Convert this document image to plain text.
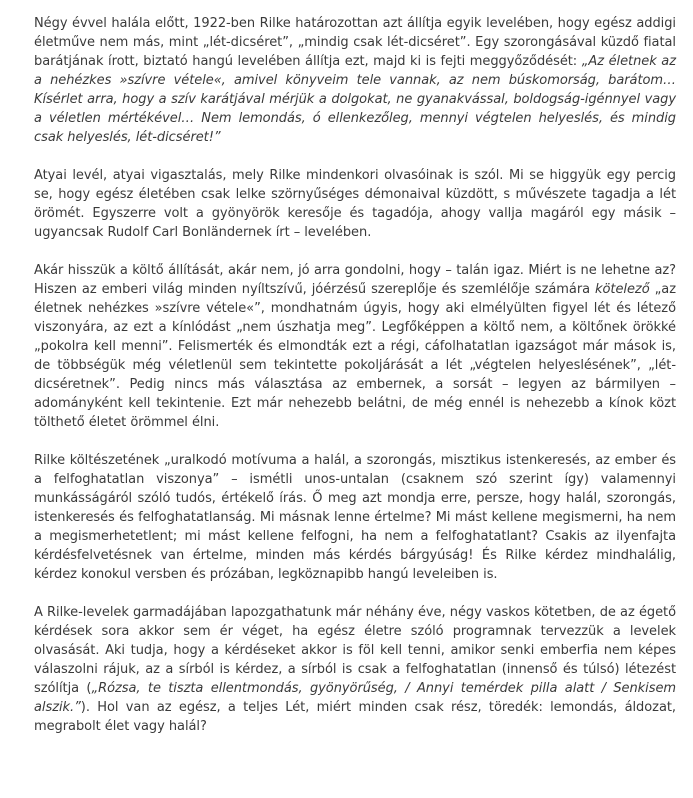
Négy évvel halála előtt, 1922-ben Rilke határozottan azt állítja egyik levelében, hogy egész addigi életműve nem más, mint „lét-dicséret”, „mindig csak lét-dicséret”. Egy szorongásával küzdő fiatal barátjának írott, biztató hangú levelében állítja ezt, majd ki is fejti meggyőződését: „Az életnek az a nehézkes »szívre vétele«, amivel könyveim tele vannak, az nem búskomorság, barátom… Kísérlet arra, hogy a szív karátjával mérjük a dolgokat, ne gyanakvással, boldogság-igénnyel vagy a véletlen mértékével… Nem lemondás, ó ellenkezőleg, mennyi végtelen helyeslés, és mindig csak helyeslés, lét-dicséret!”

Atyai levél, atyai vigasztalás, mely Rilke mindenkori olvasóinak is szól. Mi se higgyük egy percig se, hogy egész életében csak lelke szörnyűséges démonaival küzdött, s művészete tagadja a lét örömét. Egyszerre volt a gyönyörök keresője és tagadója, ahogy vallja magáról egy másik – ugyancsak Rudolf Carl Bonländernek írt – levelében.

Akár hisszük a költő állítását, akár nem, jó arra gondolni, hogy – talán igaz. Miért is ne lehetne az? Hiszen az emberi világ minden nyíltszívű, jóérzésű szereplője és szemlélője számára kötelező „az életnek nehézkes »szívre vétele«”, mondhatnám úgyis, hogy aki elmélyülten figyel lét és létező viszonyára, az ezt a kínlódást „nem úszhatja meg”. Legfőképpen a költő nem, a költőnek örökké „pokolra kell menni”. Felismerték és elmondták ezt a régi, cáfolhatatlan igazságot már mások is, de többségük még véletlenül sem tekintette pokoljárását a lét „végtelen helyeslésének”, „lét-dicséretnek”. Pedig nincs más választása az embernek, a sorsát – legyen az bármilyen – adományként kell tekintenie. Ezt már nehezebb belátni, de még ennél is nehezebb a kínok közt tölthető életet örömmel élni.

Rilke költészetének „uralkodó motívuma a halál, a szorongás, misztikus istenkeresés, az ember és a felfoghatatlan viszonya” – ismétli unos-untalan (csaknem szó szerint így) valamennyi munkásságáról szóló tudós, értékelő írás. Ő meg azt mondja erre, persze, hogy halál, szorongás, istenkeresés és felfoghatatlanság. Mi másnak lenne értelme? Mi mást kellene megismerni, ha nem a megismerhetetlent; mi mást kellene felfogni, ha nem a felfoghatatlant? Csakis az ilyenfajta kérdésfelvetésnek van értelme, minden más kérdés bárgyúság! És Rilke kérdez mindhalálig, kérdez konokul versben és prózában, legköznapibb hangú leveleiben is.

A Rilke-levelek garmadájában lapozgathatunk már néhány éve, négy vaskos kötetben, de az égető kérdések sora akkor sem ér véget, ha egész életre szóló programnak tervezzük a levelek olvasását. Aki tudja, hogy a kérdéseket akkor is föl kell tenni, amikor senki emberfia nem képes válaszolni rájuk, az a sírból is kérdez, a sírból is csak a felfoghatatlan (innenső és túlsó) létezést szólítja („Rózsa, te tiszta ellentmondás, gyönyörűség, / Annyi temérdek pilla alatt / Senkisem alszik.”). Hol van az egész, a teljes Lét, miért minden csak rész, töredék: lemondás, áldozat, megrabolt élet vagy halál?
